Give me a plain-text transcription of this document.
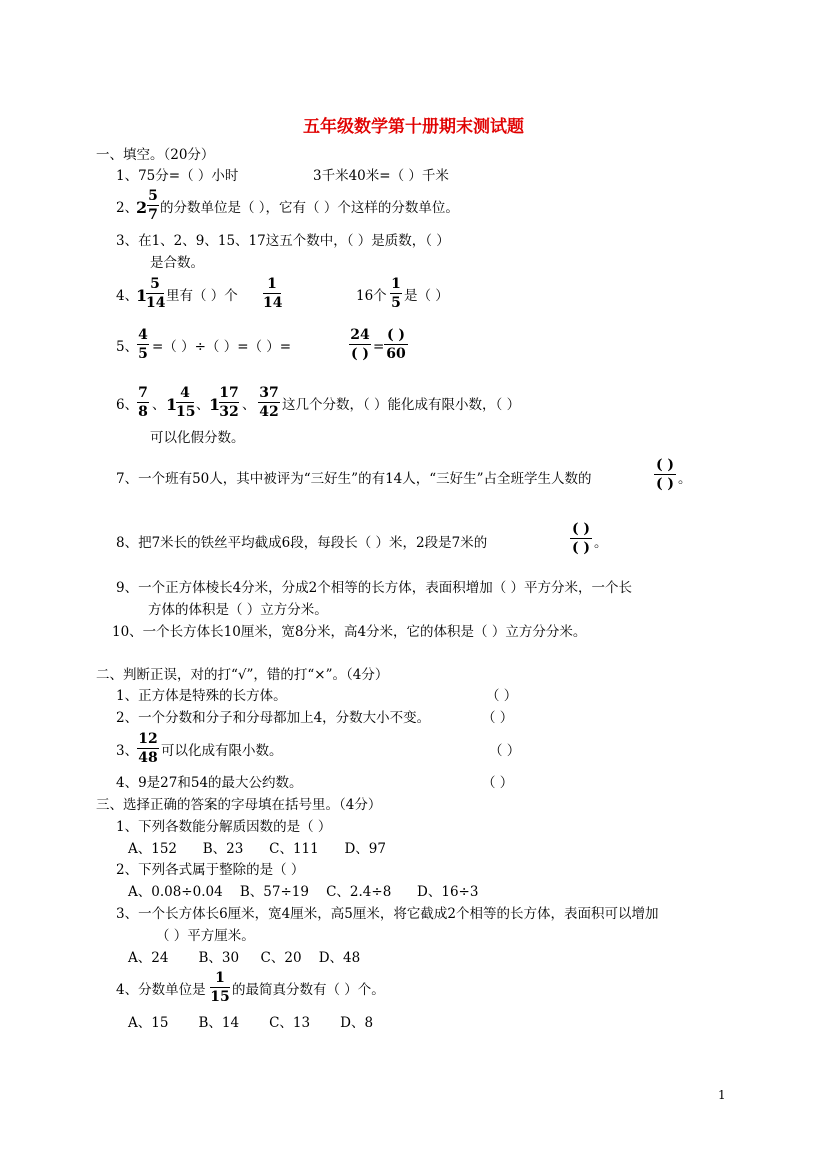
五年级数学第十册期末测试题
一、填空。（20分）
1、75分=（ ）小时	3千米40米=（ ）千米
2、
2
5
7 的分数单位是（ ），它有（ ）个这样的分数单位。
3、在1、2、9、15、17这五个数中，（ ）是质数，（ ）
是合数。
4、
1
5
14 里有（ ）个
1
14	16个
1
5 是（ ）
5、
4
5 =（ ）÷（ ）=（ ）=
24
( ) =
( )
60
6、
7
8 、 1
4
15 、 1
17
32 、
37
42 这几个分数，（ ）能化成有限小数，（ ）
可以化假分数。
7、一个班有50人，其中被评为“三好生”的有14人，“三好生”占全班学生人数的
( )
( ) 。
8、把7米长的铁丝平均截成6段，每段长（ ）米，2段是7米的
( )
( ) 。
9、一个正方体棱长4分米，分成2个相等的长方体，表面积增加（ ）平方分米，一个长
方体的体积是（ ）立方分米。
10、一个长方体长10厘米，宽8分米，高4分米，它的体积是（ ）立方分分米。
二、判断正误，对的打“√”，错的打“×”。（4分）
1、正方体是特殊的长方体。	（ ）
2、一个分数和分子和分母都加上4，分数大小不变。	（ ）
3、
12
48 可以化成有限小数。	（ ）
4、9是27和54的最大公约数。	（ ）
三、选择正确的答案的字母填在括号里。（4分）
1、下列各数能分解质因数的是（ ）
A、152      B、23      C、111      D、97
2、下列各式属于整除的是（ ）
A、0.08÷0.04    B、57÷19    C、2.4÷8      D、16÷3
3、一个长方体长6厘米，宽4厘米，高5厘米，将它截成2个相等的长方体，表面积可以增加
（ ）平方厘米。
A、24       B、30     C、20    D、48
4、分数单位是
1
15 的最简真分数有（ ）个。
A、15       B、14       C、13       D、8
1
